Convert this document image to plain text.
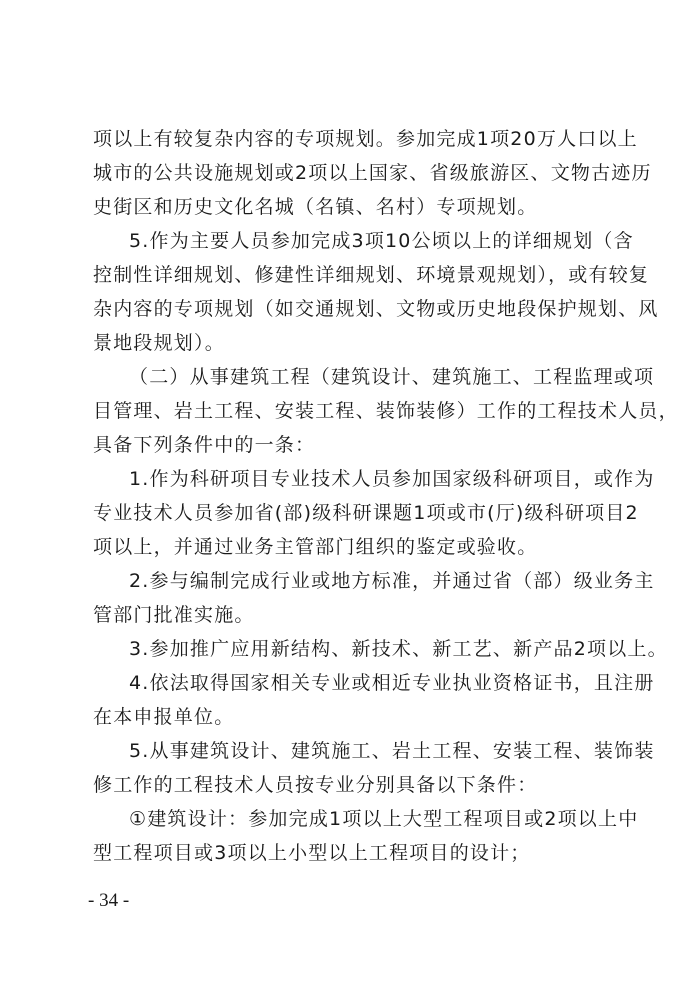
项以上有较复杂内容的专项规划。参加完成1项20万人口以上
城市的公共设施规划或2项以上国家、省级旅游区、文物古迹历
史街区和历史文化名城（名镇、名村）专项规划。
5.作为主要人员参加完成3项10公顷以上的详细规划（含
控制性详细规划、修建性详细规划、环境景观规划），或有较复
杂内容的专项规划（如交通规划、文物或历史地段保护规划、风
景地段规划）。
（二）从事建筑工程（建筑设计、建筑施工、工程监理或项
目管理、岩土工程、安装工程、装饰装修）工作的工程技术人员，
具备下列条件中的一条：
1.作为科研项目专业技术人员参加国家级科研项目，或作为
专业技术人员参加省(部)级科研课题1项或市(厅)级科研项目2
项以上，并通过业务主管部门组织的鉴定或验收。
2.参与编制完成行业或地方标准，并通过省（部）级业务主
管部门批准实施。
3.参加推广应用新结构、新技术、新工艺、新产品2项以上。
4.依法取得国家相关专业或相近专业执业资格证书，且注册
在本申报单位。
5.从事建筑设计、建筑施工、岩土工程、安装工程、装饰装
修工作的工程技术人员按专业分别具备以下条件：
①建筑设计：参加完成1项以上大型工程项目或2项以上中
型工程项目或3项以上小型以上工程项目的设计；
- 34 -
